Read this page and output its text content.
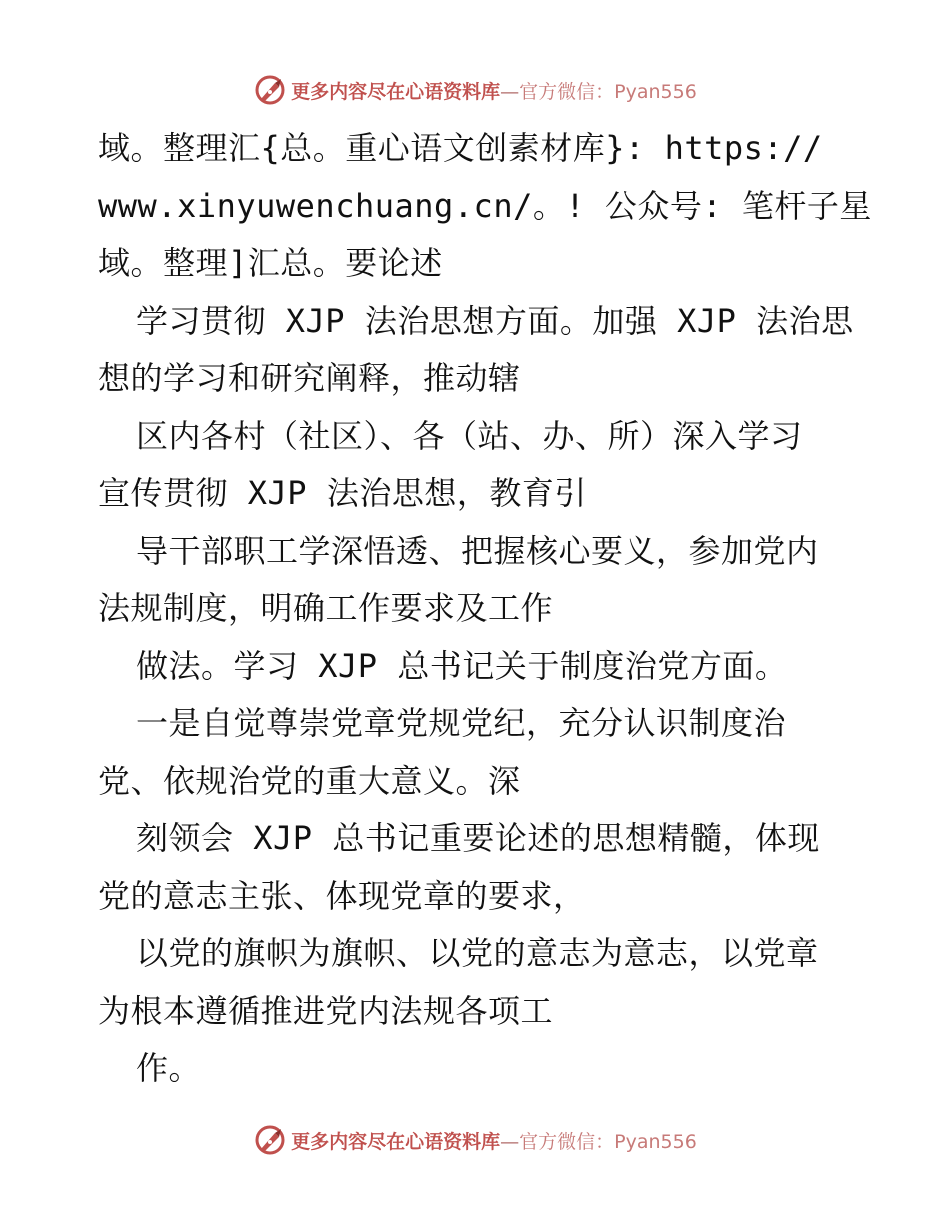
更多内容尽在心语资料库—官方微信：Pyan556
域。整理汇{总。重心语文创素材库}: https://
www.xinyuwenchuang.cn/。! 公众号: 笔杆子星
域。整理]汇总。要论述
学习贯彻 XJP 法治思想方面。加强 XJP 法治思
想的学习和研究阐释，推动辖
区内各村（社区）、各（站、办、所）深入学习
宣传贯彻 XJP 法治思想，教育引
导干部职工学深悟透、把握核心要义，参加党内
法规制度，明确工作要求及工作
做法。学习 XJP 总书记关于制度治党方面。
一是自觉尊崇党章党规党纪，充分认识制度治
党、依规治党的重大意义。深
刻领会 XJP 总书记重要论述的思想精髓，体现
党的意志主张、体现党章的要求，
以党的旗帜为旗帜、以党的意志为意志，以党章
为根本遵循推进党内法规各项工
作。
更多内容尽在心语资料库—官方微信：Pyan556
